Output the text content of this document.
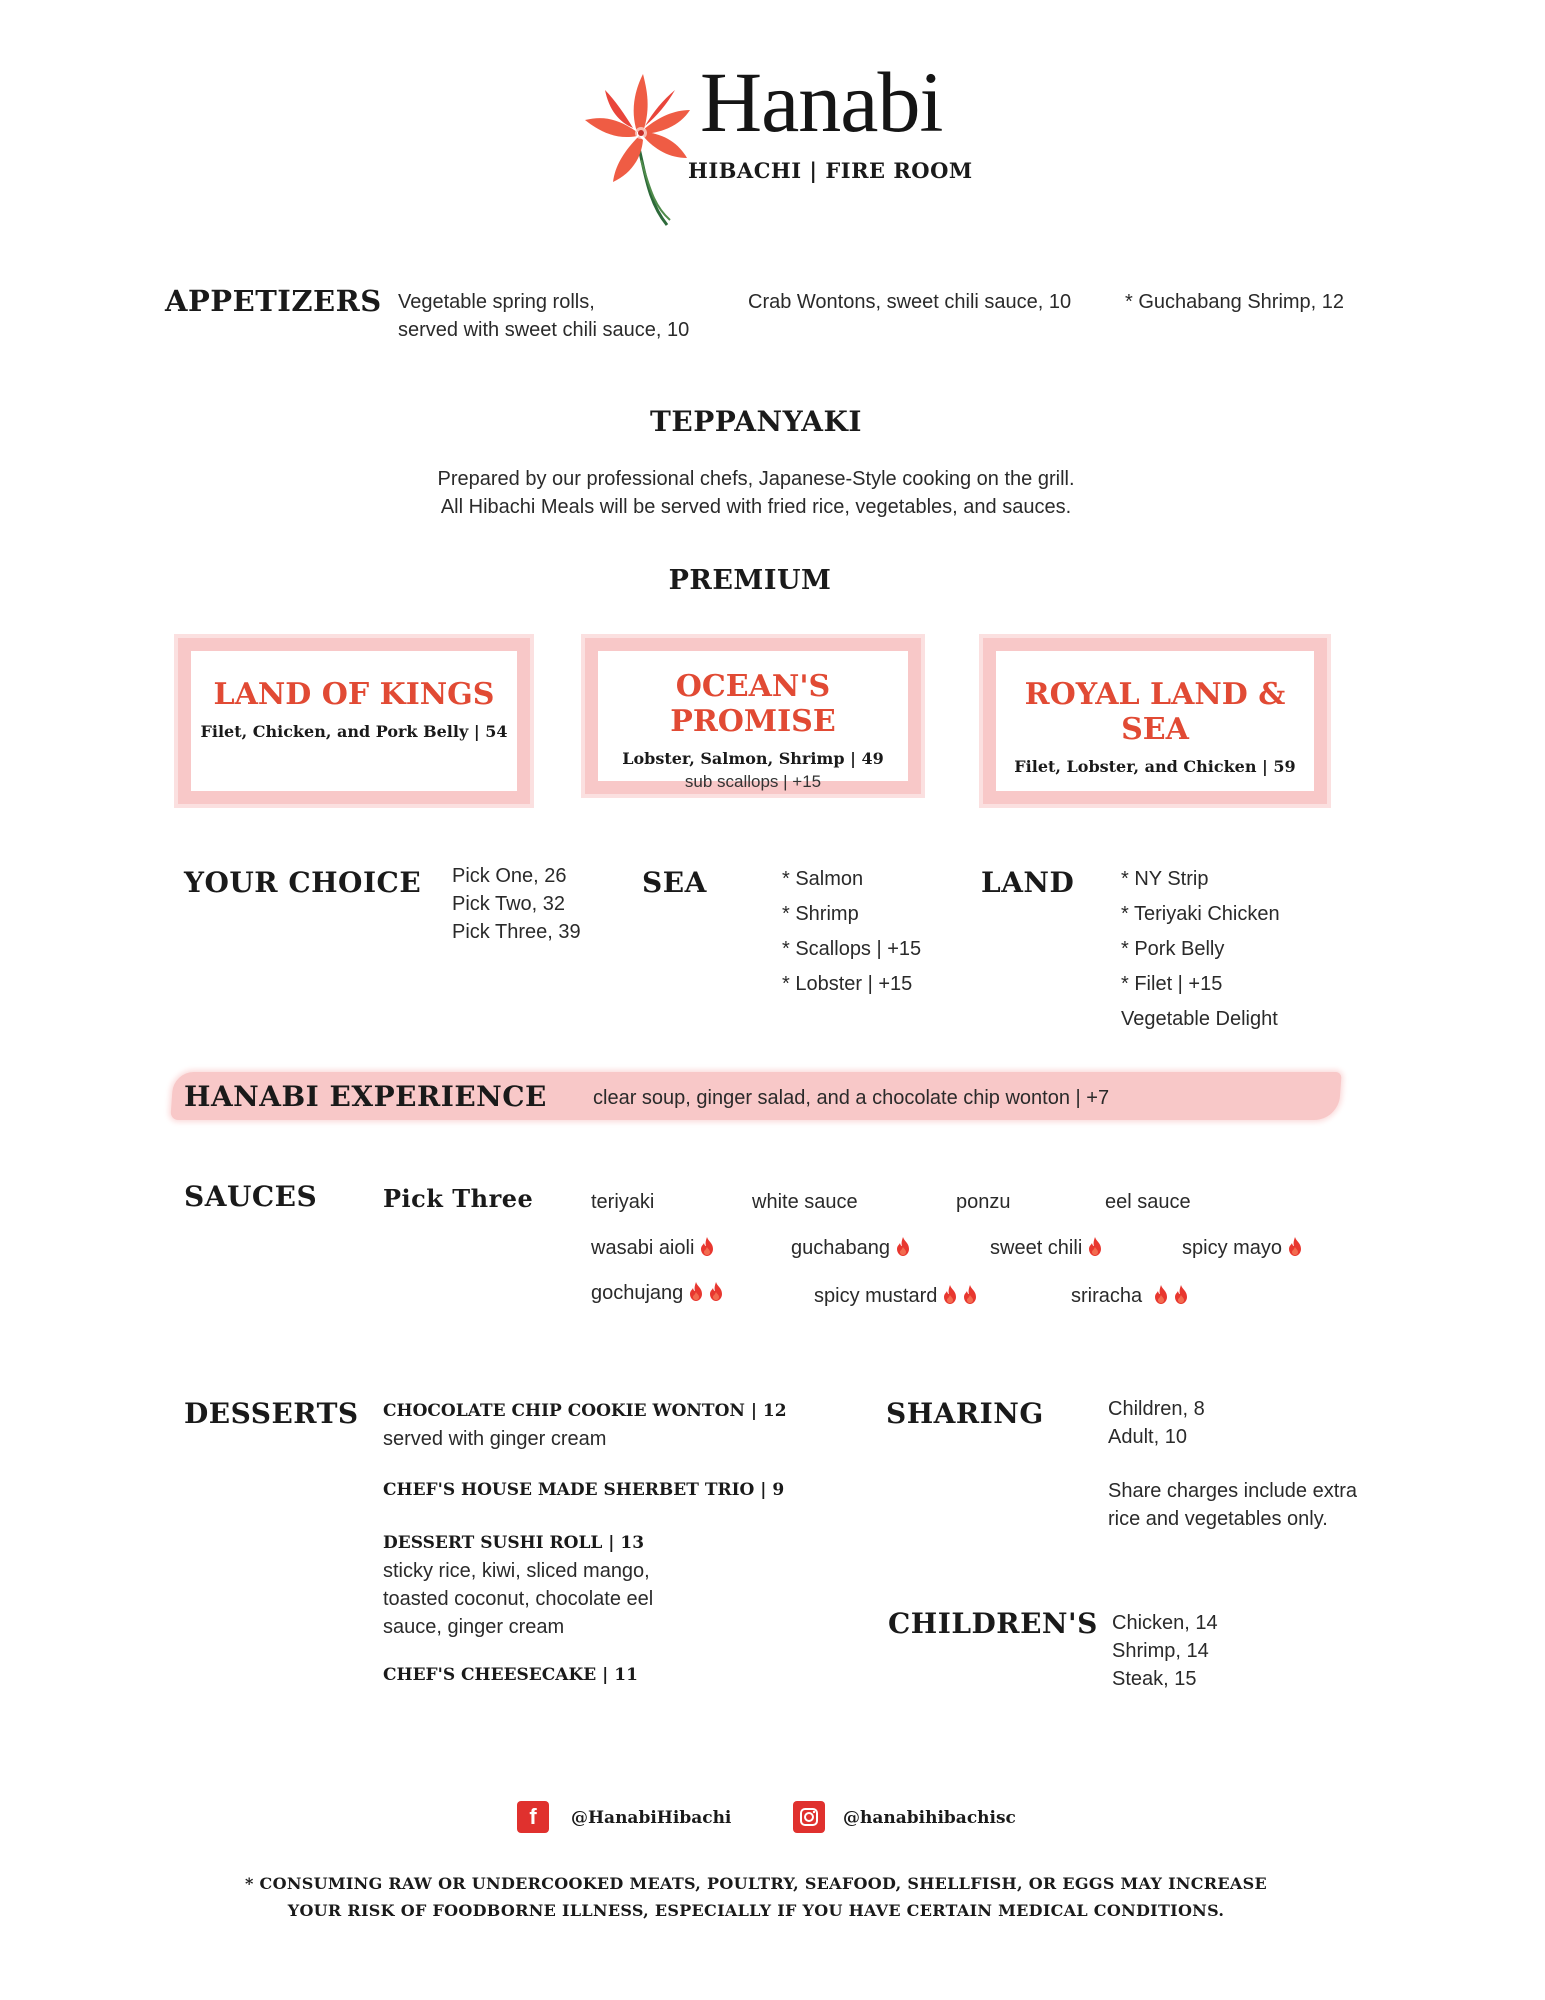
Hanabi
HIBACHI | FIRE ROOM
APPETIZERS Vegetable spring rolls,
served with sweet chili sauce, 10
Crab Wontons, sweet chili sauce, 10	* Guchabang Shrimp, 12
TEPPANYAKI
Prepared by our professional chefs, Japanese-Style cooking on the grill.
All Hibachi Meals will be served with fried rice, vegetables, and sauces.
PREMIUM
LAND OF KINGS
Filet, Chicken, and Pork Belly | 54
OCEAN'S PROMISE
Lobster, Salmon, Shrimp | 49
sub scallops | +15
ROYAL LAND & SEA
Filet, Lobster, and Chicken | 59
YOUR CHOICE Pick One, 26
Pick Two, 32
Pick Three, 39
SEA	* Salmon
* Shrimp
* Scallops | +15
* Lobster | +15
LAND * NY Strip
* Teriyaki Chicken
* Pork Belly
* Filet | +15
Vegetable Delight
HANABI EXPERIENCE clear soup, ginger salad, and a chocolate chip wonton | +7
SAUCES	Pick Three	teriyaki	white sauce	ponzu	eel sauce
wasabi aioli	guchabang	sweet chili	spicy mayo
gochujang	spicy mustard	sriracha
DESSERTS CHOCOLATE CHIP COOKIE WONTON | 12
served with ginger cream
CHEF'S HOUSE MADE SHERBET TRIO | 9
DESSERT SUSHI ROLL | 13
sticky rice, kiwi, sliced mango,
toasted coconut, chocolate eel
sauce, ginger cream
CHEF'S CHEESECAKE | 11
SHARING	Children, 8
Adult, 10
Share charges include extra
rice and vegetables only.
CHILDREN'S Chicken, 14
Shrimp, 14
Steak, 15
f	@HanabiHibachi	@hanabihibachisc
* CONSUMING RAW OR UNDERCOOKED MEATS, POULTRY, SEAFOOD, SHELLFISH, OR EGGS MAY INCREASE
YOUR RISK OF FOODBORNE ILLNESS, ESPECIALLY IF YOU HAVE CERTAIN MEDICAL CONDITIONS.
